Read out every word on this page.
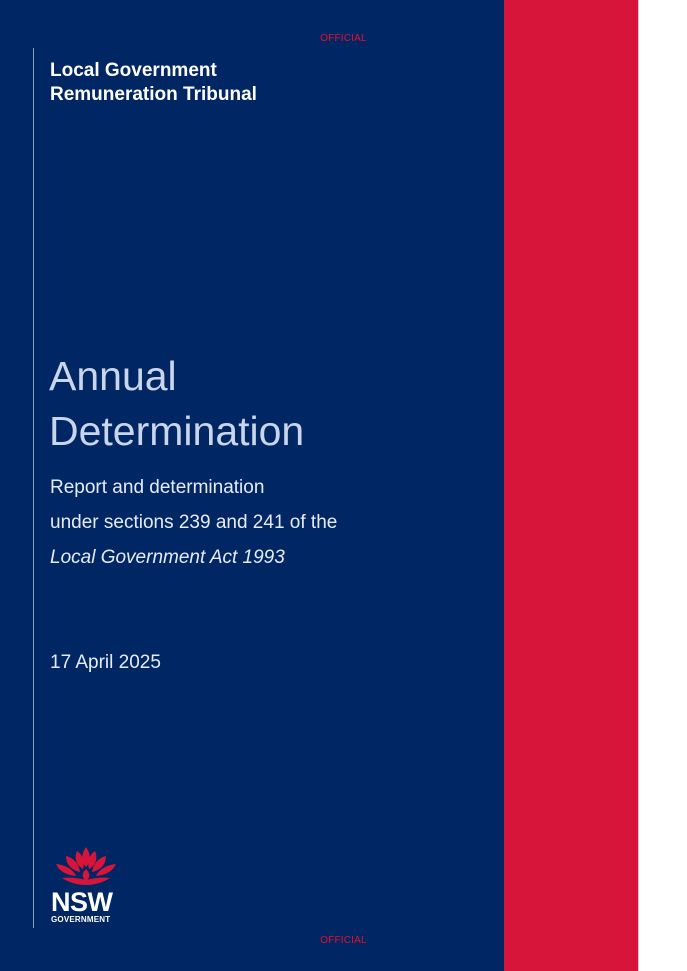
OFFICIAL
Local Government
Remuneration Tribunal
Annual
Determination
Report and determination
under sections 239 and 241 of the
Local Government Act 1993
17 April 2025
NSW
GOVERNMENT
OFFICIAL
